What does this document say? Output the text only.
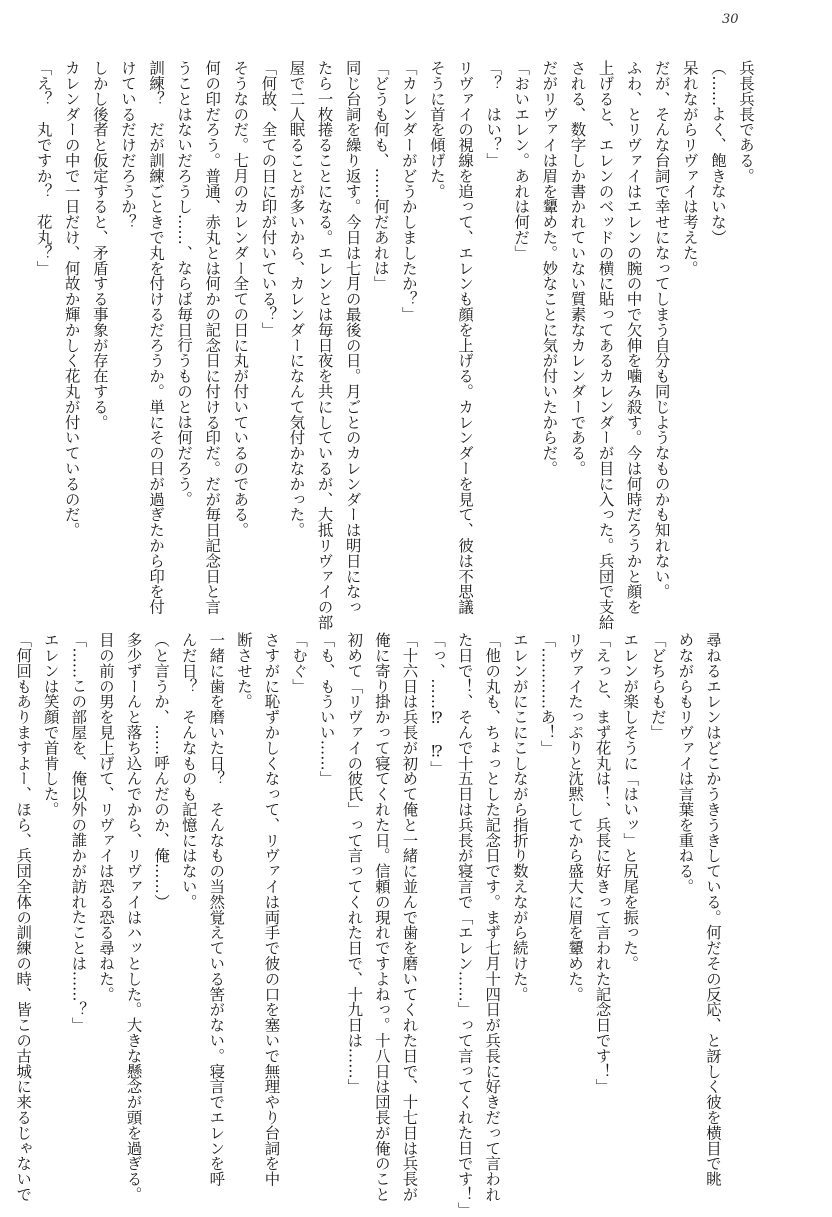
30
兵長兵長である。
（……よく、飽きないな）
呆れながらリヴァイは考えた。
だが、そんな台詞で幸せになってしまう自分も同じようなものかも知れない。
ふわ、とリヴァイはエレンの腕の中で欠伸を噛み殺す。今は何時だろうかと顔を
上げると、エレンのベッドの横に貼ってあるカレンダーが目に入った。兵団で支給
される、数字しか書かれていない質素なカレンダーである。
だがリヴァイは眉を顰めた。妙なことに気が付いたからだ。
「おいエレン。あれは何だ」
「？　はい？」
リヴァイの視線を追って、エレンも顔を上げる。カレンダーを見て、彼は不思議
そうに首を傾げた。
「カレンダーがどうかしましたか？」
「どうも何も、……何だあれは」
同じ台詞を繰り返す。今日は七月の最後の日。月ごとのカレンダーは明日になっ
たら一枚捲ることになる。エレンとは毎日夜を共にしているが、大抵リヴァイの部
屋で二人眠ることが多いから、カレンダーになんて気付かなかった。
「何故、全ての日に印が付いている？」
そうなのだ。七月のカレンダー全ての日に丸が付いているのである。
何の印だろう。普通、赤丸とは何かの記念日に付ける印だ。だが毎日記念日と言
うことはないだろうし……、ならば毎日行うものとは何だろう。
訓練？　だが訓練ごときで丸を付けるだろうか。単にその日が過ぎたから印を付
けているだけだろうか？
しかし後者と仮定すると、矛盾する事象が存在する。
カレンダーの中で一日だけ、何故か輝かしく花丸が付いているのだ。
「え？　丸ですか？　花丸？」
尋ねるエレンはどこかうきうきしている。何だその反応、と訝しく彼を横目で眺
めながらもリヴァイは言葉を重ねる。
「どちらもだ」
エレンが楽しそうに「はいッ」と尻尾を振った。
「えっと、まず花丸は！、兵長に好きって言われた記念日です！」
リヴァイたっぷりと沈黙してから盛大に眉を顰めた。
「…………あ！」
エレンがにこにこしながら指折り数えながら続けた。
「他の丸も、ちょっとした記念日です。まず七月十四日が兵長に好きだって言われ
た日で！、そんで十五日は兵長が寝言で「エレン……」って言ってくれた日です！」
「っ、……⁉　⁉」
「十六日は兵長が初めて俺と一緒に並んで歯を磨いてくれた日で、十七日は兵長が
俺に寄り掛かって寝てくれた日。信頼の現れですよねっ。十八日は団長が俺のこと
初めて「リヴァイの彼氏」って言ってくれた日で、十九日は……」
「も、もういい……」
「むぐ」
さすがに恥ずかしくなって、リヴァイは両手で彼の口を塞いで無理やり台詞を中
断させた。
一緒に歯を磨いた日？　そんなもの当然覚えている筈がない。寝言でエレンを呼
んだ日？　そんなものも記憶にはない。
（と言うか、……呼んだのか、俺……）
多少ずーんと落ち込んでから、リヴァイはハッとした。大きな懸念が頭を過ぎる。
目の前の男を見上げて、リヴァイは恐る恐る尋ねた。
「……この部屋を、俺以外の誰かが訪れたことは……？」
エレンは笑顔で首肯した。
「何回もありますよー、ほら、兵団全体の訓練の時、皆この古城に来るじゃないで
